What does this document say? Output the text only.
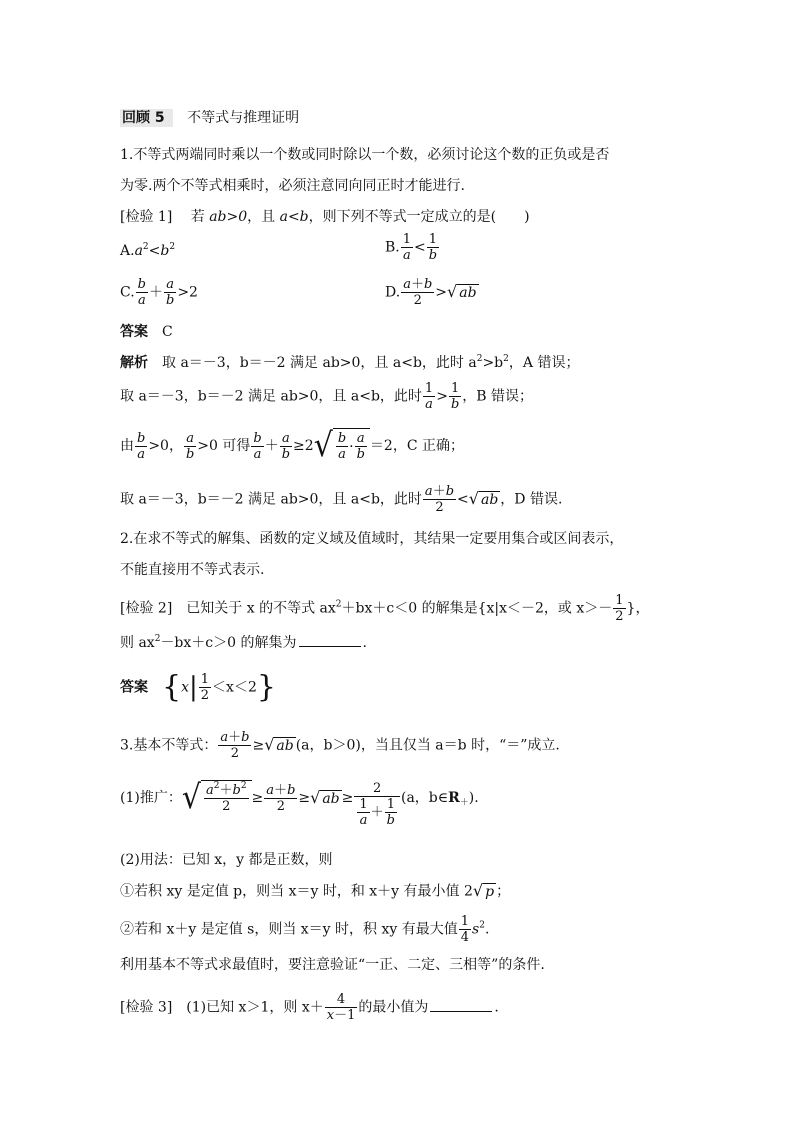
回顾 5 不等式与推理证明
1.不等式两端同时乘以一个数或同时除以一个数，必须讨论这个数的正负或是否
为零.两个不等式相乘时，必须注意同向同正时才能进行.
[检验 1] 　 若 ab>0，且 a<b，则下列不等式一定成立的是(　　)
$A.a^2<b^2$	B. $\frac{1}{a} < \frac{1}{b}$
C. $\frac{b}{a} + \frac{a}{b} >2$	D. $\frac{a+b}{2}$ >√ ab
答案　 C
解析　 取 a＝－3，b＝－2 满足 ab>0，且 a<b，此时 $a^2>b^2$，A 错误；
取 a＝－3，b＝－2 满足 ab>0，且 a<b，此时 $\frac{1}{a} > \frac{1}{b}$ ，B 错误；
由 $\frac{b}{a} >0$， $\frac{a}{b} >0$ 可得 $\frac{b}{a} + \frac{a}{b} \ge 2$ √ b
a · a
b
＝2，C 正确；
取 a＝－3，b＝－2 满足 ab>0，且 a<b，此时 $\frac{a+b}{2}$ <√ ab ，D 错误.
2.在求不等式的解集、函数的定义域及值域时，其结果一定要用集合或区间表示，
不能直接用不等式表示.
[检验 2]　 已知关于 x 的不等式 $ax^2+bx+c<0$ 的解集是{x|x＜－2，或 $x>- \frac{1}{2}$ }，
则 $ax^2-bx+c>0$ 的解集为	.
答案　 $\{x| \frac{1}{2} <x<2\}$
3.基本不等式： $\frac{a+b}{2}$ ≥√ ab (a，b＞0)，当且仅当 a＝b 时，“＝”成立.
(1)推广： √ $a^2+b^2$
2
≥ $\frac{a+b}{2}$ ≥√ ab ≥ $\frac{2}{\frac{1}{a} + \frac{1}{b}} (a$，$b\in R_+$).
(2)用法：已知 x，y 都是正数，则
①若积 xy 是定值 p，则当 x＝y 时，和 x＋y 有最小值 2√ p ；
②若和 x＋y 是定值 s，则当 x＝y 时，积 xy 有最大值 $\frac{1}{4} s^2$.
利用基本不等式求最值时，要注意验证“一正、二定、三相等”的条件.
[检验 3]　 (1)已知 x＞1，则 $x+ \frac{4}{x-1}$ 的最小值为	.
